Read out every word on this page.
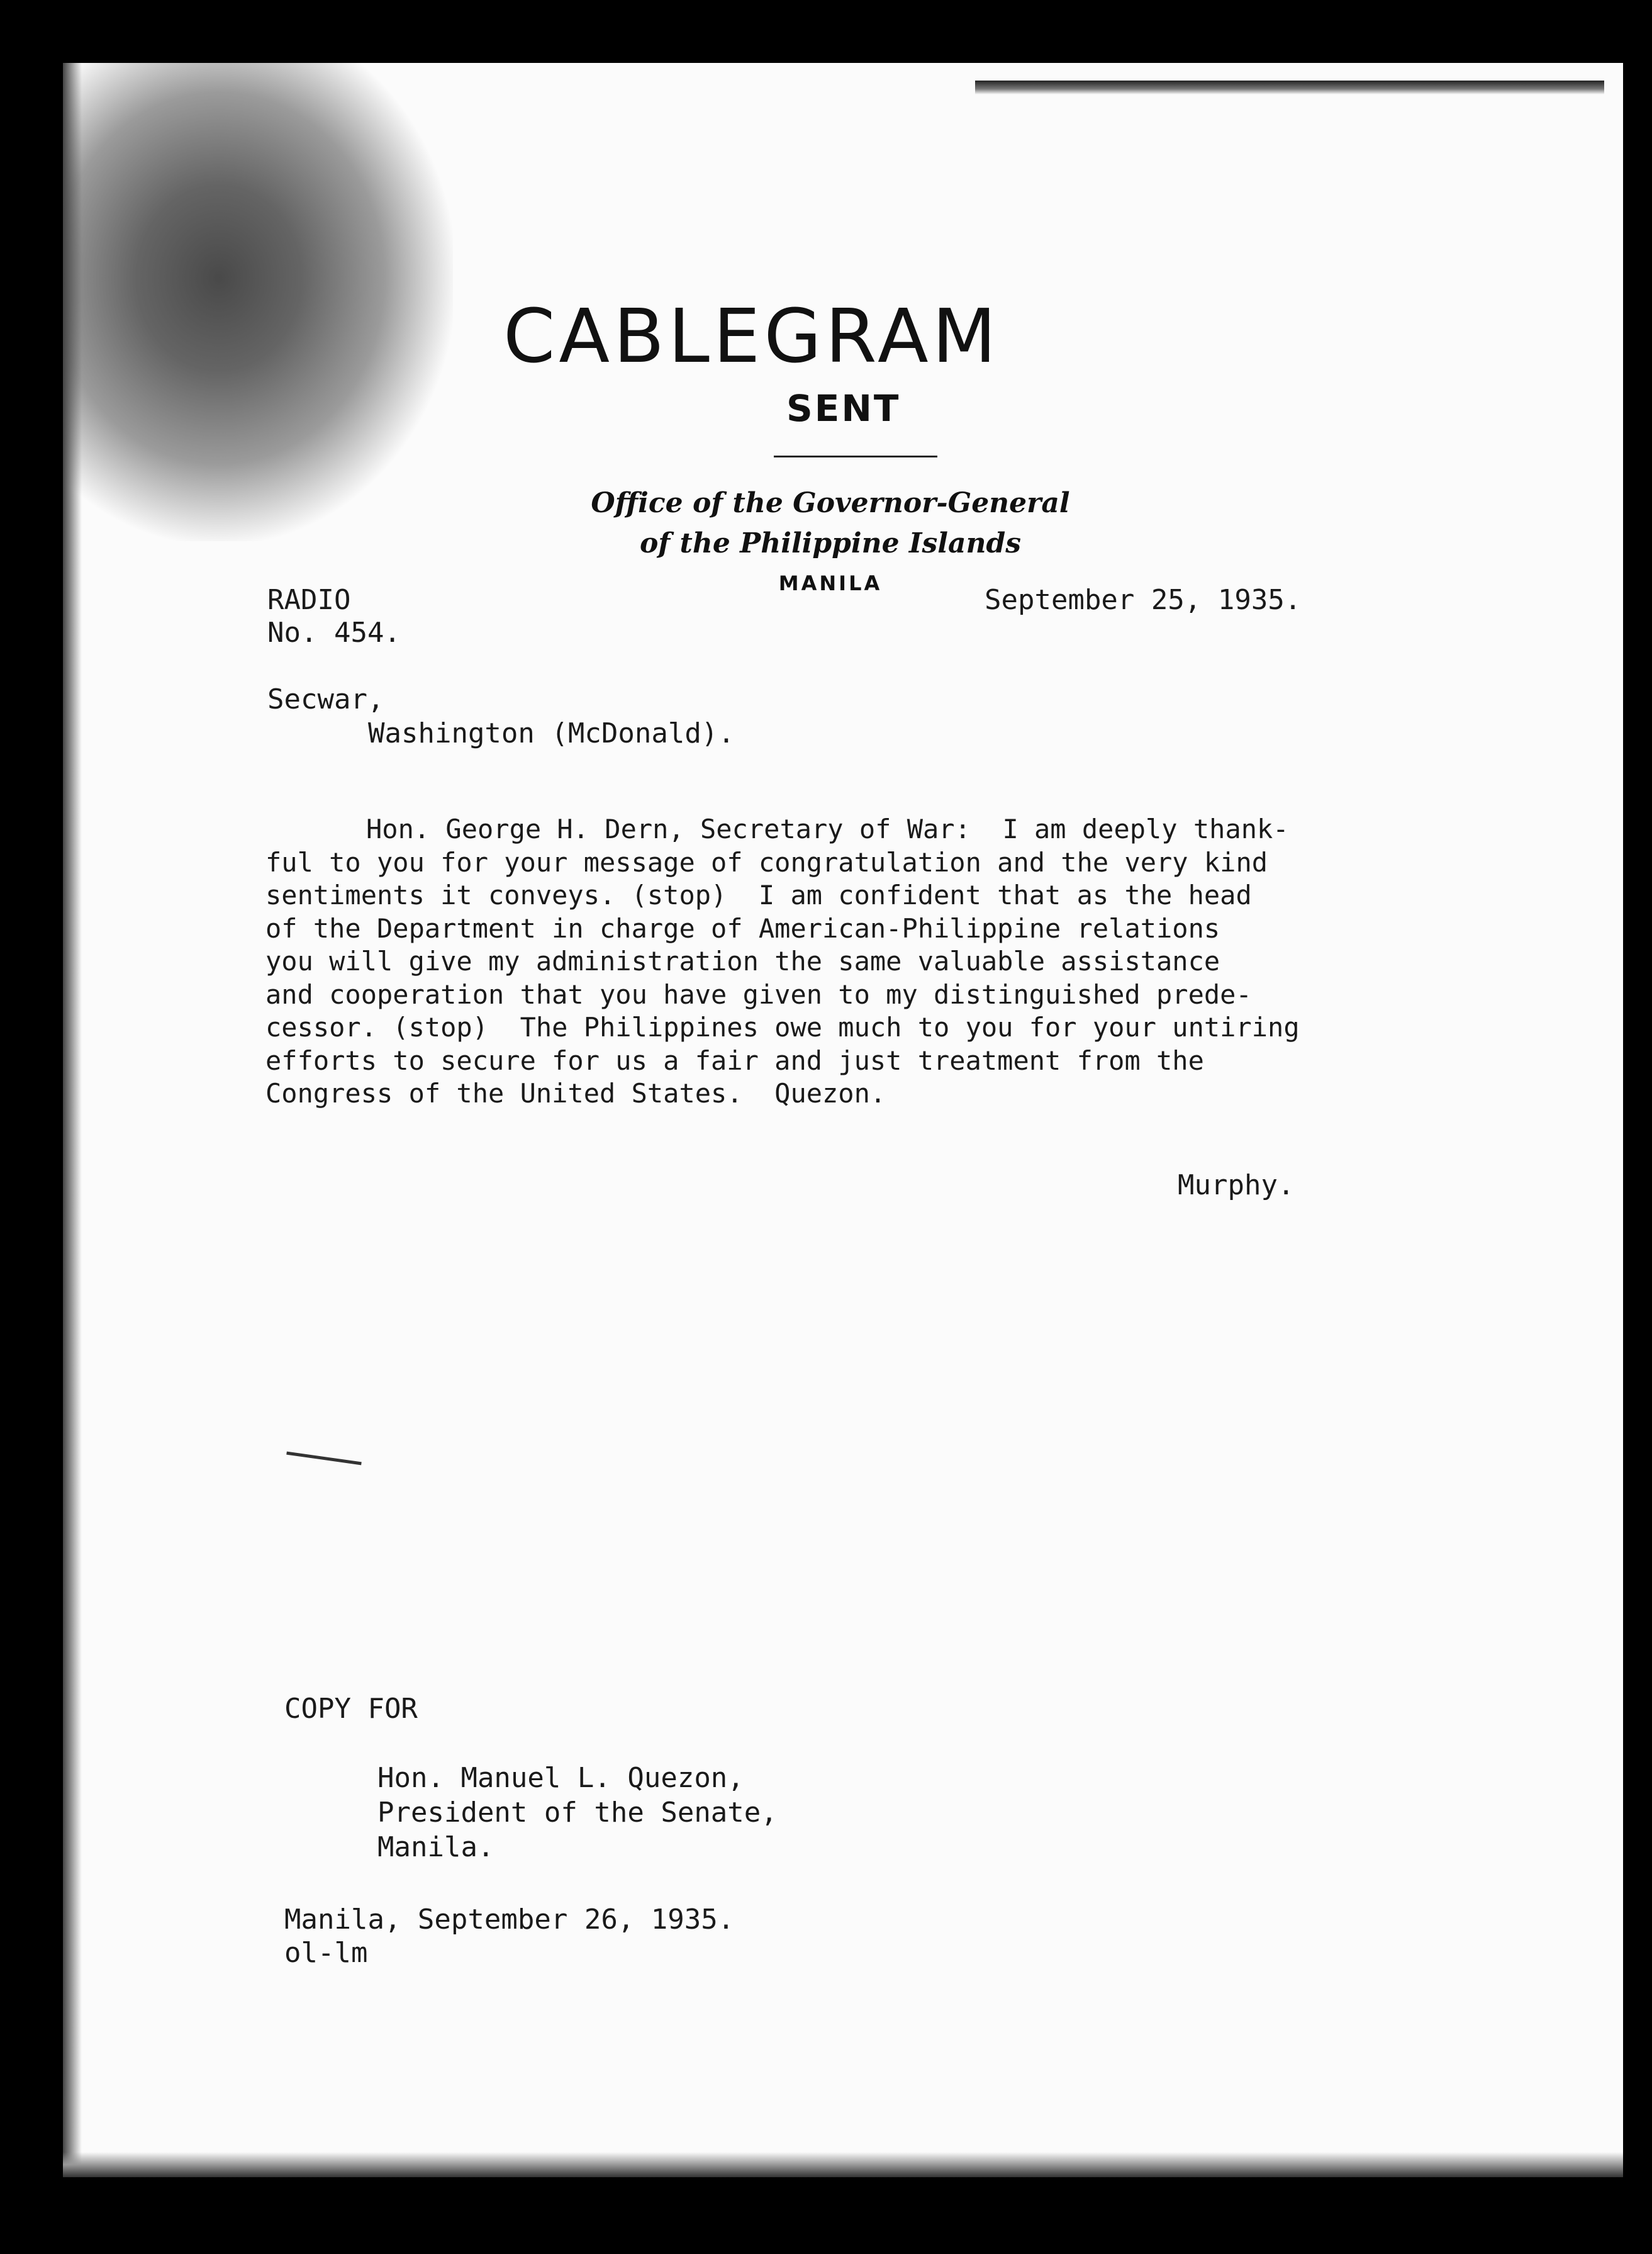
CABLEGRAM
SENT
Office of the Governor-General
of the Philippine Islands
MANILA
RADIO
No. 454.
September 25, 1935.
Secwar,
Washington (McDonald).
Hon. George H. Dern, Secretary of War:  I am deeply thank-
ful to you for your message of congratulation and the very kind
sentiments it conveys. (stop)  I am confident that as the head
of the Department in charge of American-Philippine relations
you will give my administration the same valuable assistance
and cooperation that you have given to my distinguished prede-
cessor. (stop)  The Philippines owe much to you for your untiring
efforts to secure for us a fair and just treatment from the
Congress of the United States.  Quezon.
Murphy.
COPY FOR
Hon. Manuel L. Quezon,
President of the Senate,
Manila.
Manila, September 26, 1935.
ol-lm
